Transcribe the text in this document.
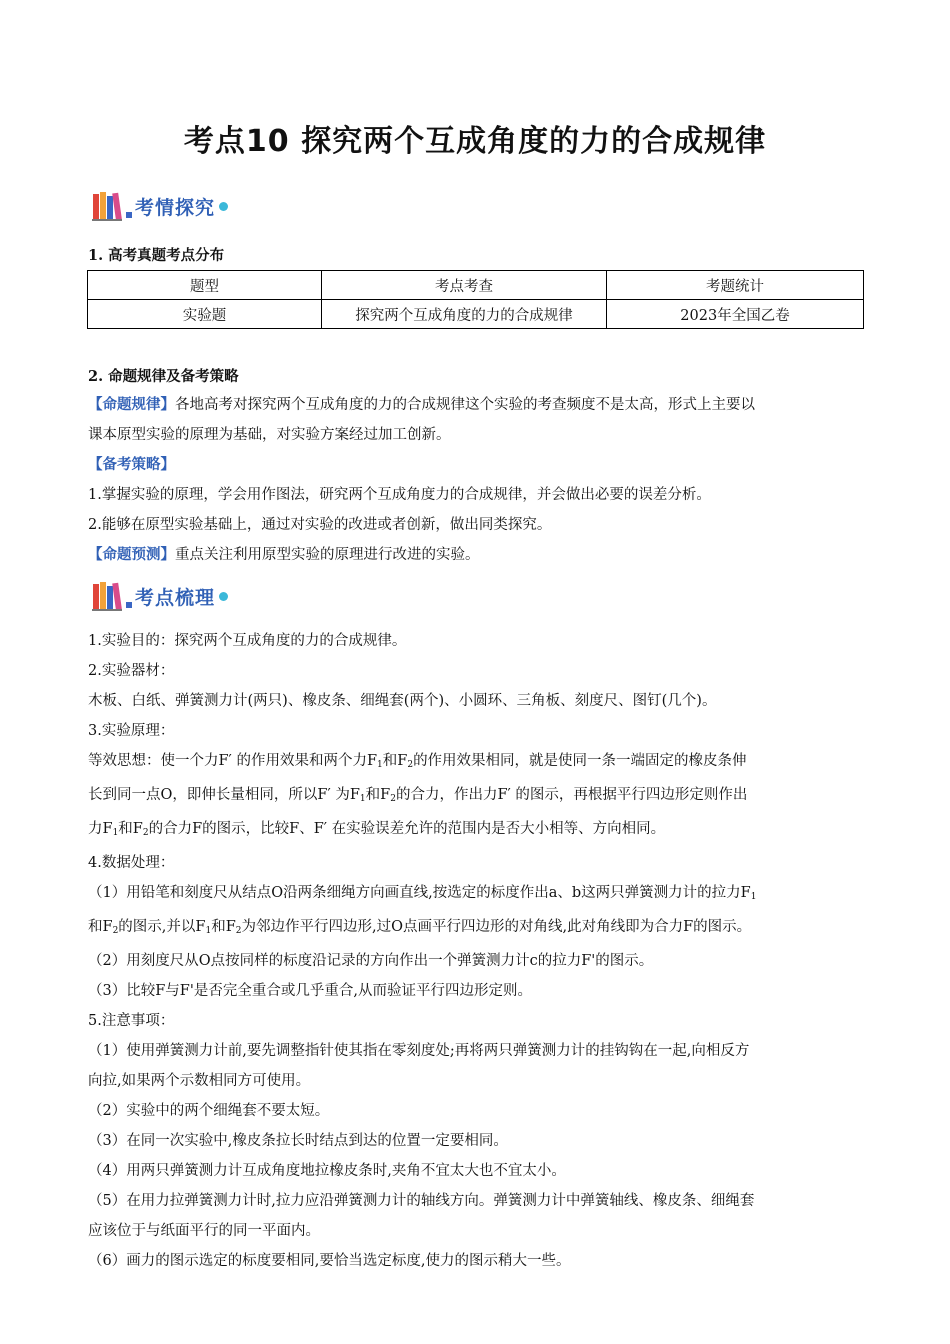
考点10 探究两个互成角度的力的合成规律
考情探究
1. 高考真题考点分布
题型	考点考查	考题统计
实验题	探究两个互成角度的力的合成规律	2023年全国乙卷
2. 命题规律及备考策略
【命题规律】各地高考对探究两个互成角度的力的合成规律这个实验的考查频度不是太高，形式上主要以
课本原型实验的原理为基础，对实验方案经过加工创新。
【备考策略】
1.掌握实验的原理，学会用作图法，研究两个互成角度力的合成规律，并会做出必要的误差分析。
2.能够在原型实验基础上，通过对实验的改进或者创新，做出同类探究。
【命题预测】重点关注利用原型实验的原理进行改进的实验。
考点梳理
1.实验目的：探究两个互成角度的力的合成规律。
2.实验器材：
木板、白纸、弹簧测力计(两只)、橡皮条、细绳套(两个)、小圆环、三角板、刻度尺、图钉(几个)。
3.实验原理：
等效思想：使一个力F′ 的作用效果和两个力$F_1$和$F_2$的作用效果相同，就是使同一条一端固定的橡皮条伸
长到同一点O，即伸长量相同，所以F′ 为$F_1$和$F_2$的合力，作出力F′ 的图示，再根据平行四边形定则作出
力$F_1$和$F_2$的合力F的图示，比较F、F′ 在实验误差允许的范围内是否大小相等、方向相同。
4.数据处理：
（1）用铅笔和刻度尺从结点O沿两条细绳方向画直线,按选定的标度作出a、b这两只弹簧测力计的拉力$F_1$
和$F_2$的图示,并以$F_1$和$F_2$为邻边作平行四边形,过O点画平行四边形的对角线,此对角线即为合力F的图示。
（2）用刻度尺从O点按同样的标度沿记录的方向作出一个弹簧测力计c的拉力F'的图示。
（3）比较F与F'是否完全重合或几乎重合,从而验证平行四边形定则。
5.注意事项：
（1）使用弹簧测力计前,要先调整指针使其指在零刻度处;再将两只弹簧测力计的挂钩钩在一起,向相反方
向拉,如果两个示数相同方可使用。
（2）实验中的两个细绳套不要太短。
（3）在同一次实验中,橡皮条拉长时结点到达的位置一定要相同。
（4）用两只弹簧测力计互成角度地拉橡皮条时,夹角不宜太大也不宜太小。
（5）在用力拉弹簧测力计时,拉力应沿弹簧测力计的轴线方向。弹簧测力计中弹簧轴线、橡皮条、细绳套
应该位于与纸面平行的同一平面内。
（6）画力的图示选定的标度要相同,要恰当选定标度,使力的图示稍大一些。
